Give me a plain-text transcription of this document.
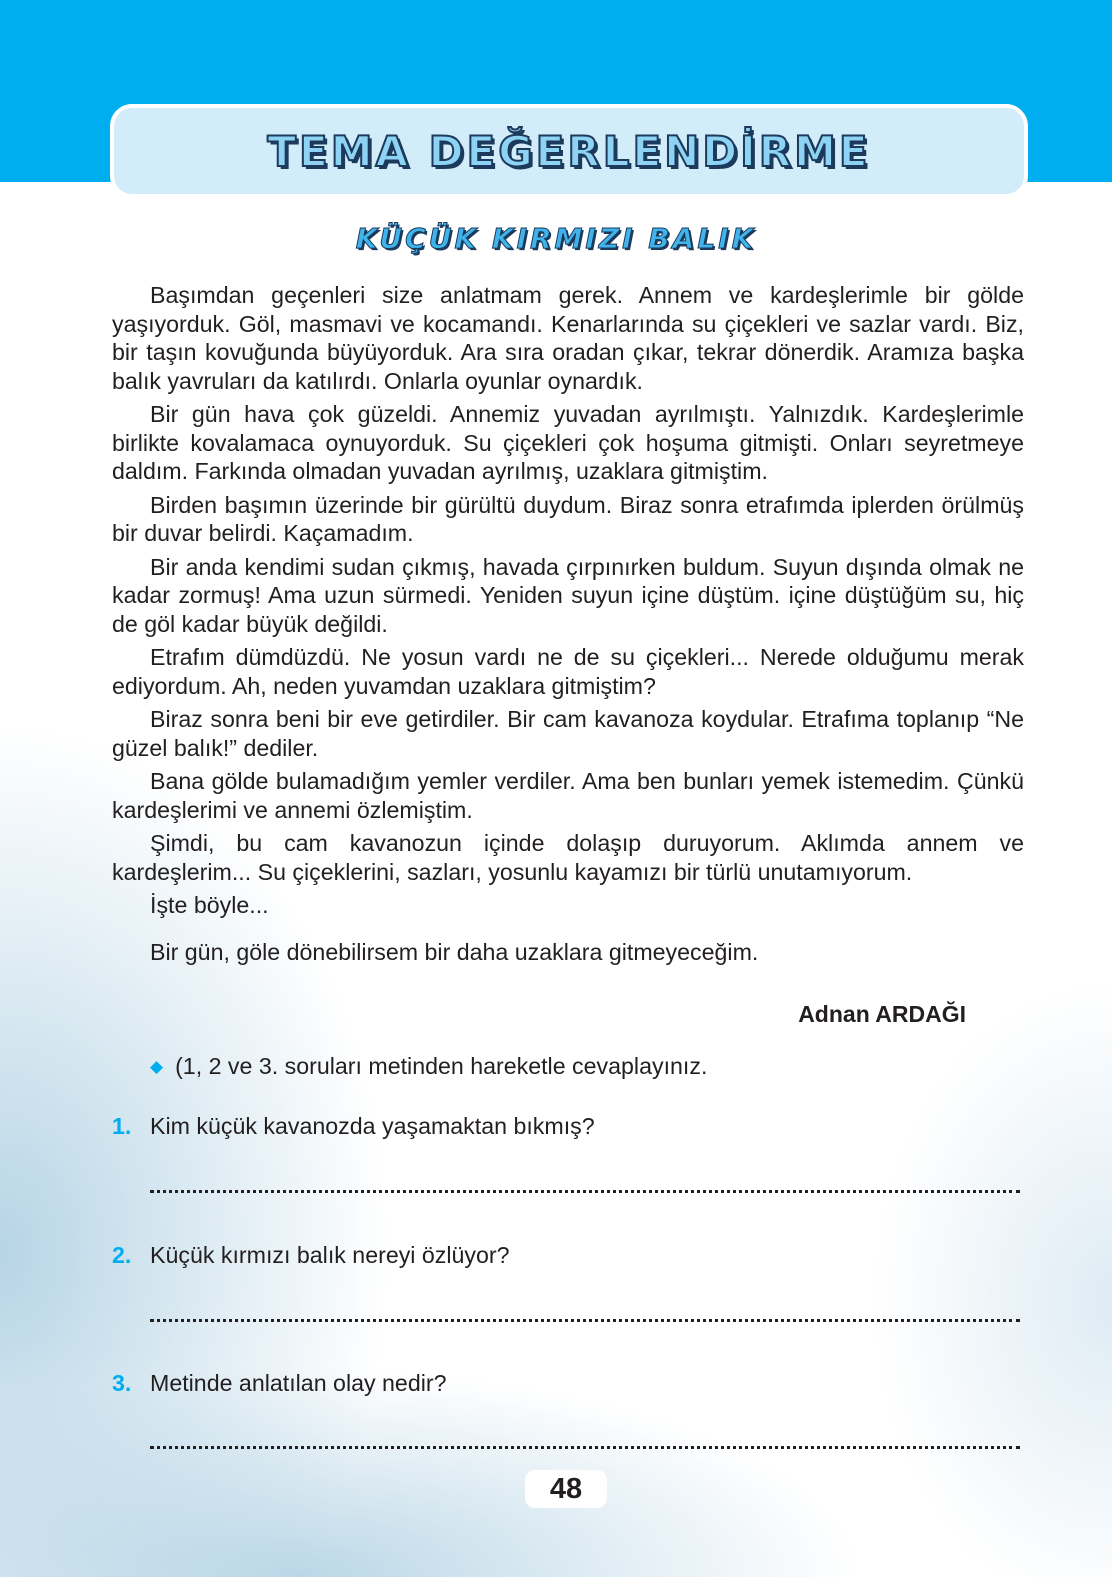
TEMA DEĞERLENDİRME
KÜÇÜK KIRMIZI BALIK

Başımdan geçenleri size anlatmam gerek. Annem ve kardeşlerimle bir gölde yaşıyorduk. Göl, masmavi ve kocamandı. Kenarlarında su çiçekleri ve sazlar vardı. Biz, bir taşın kovuğunda büyüyorduk. Ara sıra oradan çıkar, tekrar dönerdik. Aramıza başka balık yavruları da katılırdı. Onlarla oyunlar oynardık.

Bir gün hava çok güzeldi. Annemiz yuvadan ayrılmıştı. Yalnızdık. Kardeşlerimle birlikte kovalamaca oynuyorduk. Su çiçekleri çok hoşuma gitmişti. Onları seyretmeye daldım. Farkında olmadan yuvadan ayrılmış, uzaklara gitmiştim.

Birden başımın üzerinde bir gürültü duydum. Biraz sonra etrafımda iplerden örülmüş bir duvar belirdi. Kaçamadım.

Bir anda kendimi sudan çıkmış, havada çırpınırken buldum. Suyun dışında olmak ne kadar zormuş! Ama uzun sürmedi. Yeniden suyun içine düştüm. içine düştüğüm su, hiç de göl kadar büyük değildi.

Etrafım dümdüzdü. Ne yosun vardı ne de su çiçekleri... Nerede olduğumu merak ediyordum. Ah, neden yuvamdan uzaklara gitmiştim?

Biraz sonra beni bir eve getirdiler. Bir cam kavanoza koydular. Etrafıma toplanıp “Ne güzel balık!” dediler.

Bana gölde bulamadığım yemler verdiler. Ama ben bunları yemek istemedim. Çünkü kardeşlerimi ve annemi özlemiştim.

Şimdi, bu cam kavanozun içinde dolaşıp duruyorum. Aklımda annem ve kardeşlerim... Su çiçeklerini, sazları, yosunlu kayamızı bir türlü unutamıyorum.

İşte böyle...

Bir gün, göle dönebilirsem bir daha uzaklara gitmeyeceğim.

Adnan ARDAĞI
◆ (1, 2 ve 3. soruları metinden hareketle cevaplayınız.
1. Kim küçük kavanozda yaşamaktan bıkmış?
2. Küçük kırmızı balık nereyi özlüyor?
3. Metinde anlatılan olay nedir?
48
